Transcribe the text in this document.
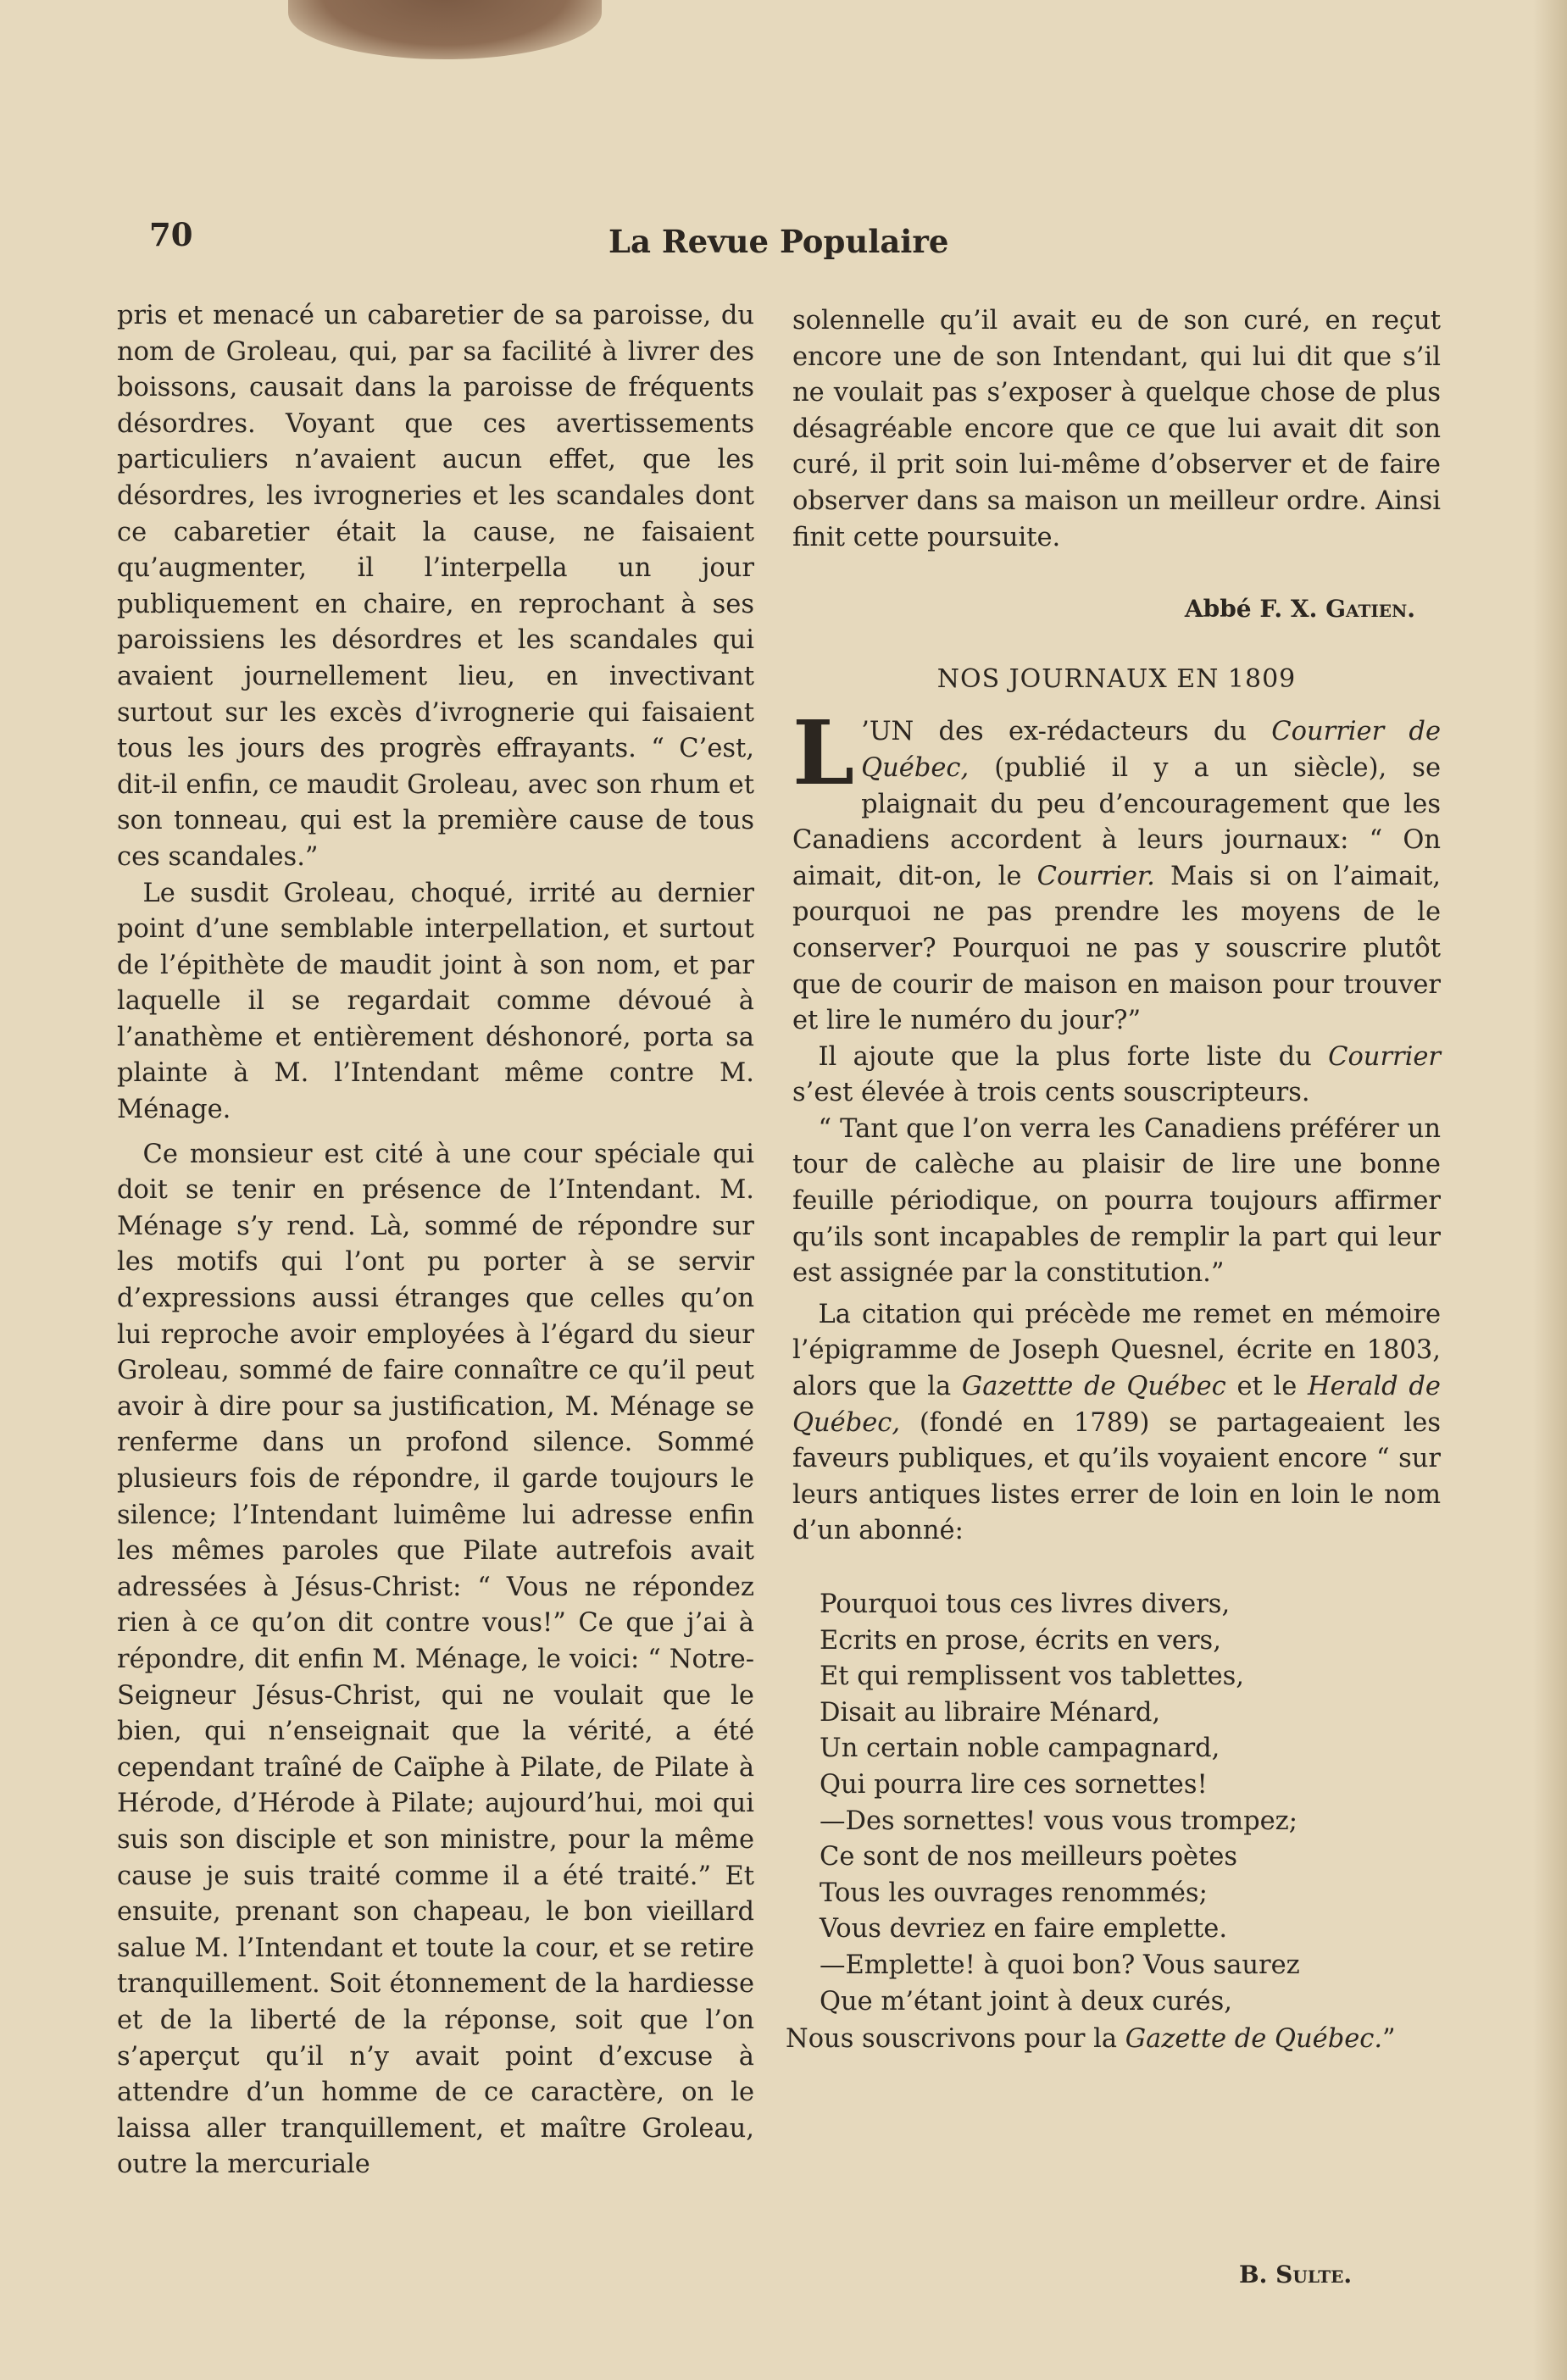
70	La Revue Populaire

pris et menacé un cabaretier de sa paroisse, du nom de Groleau, qui, par sa facilité à livrer des boissons, causait dans la paroisse de fréquents désordres. Voyant que ces avertissements particuliers n’avaient aucun effet, que les désordres, les ivrogneries et les scandales dont ce cabaretier était la cause, ne faisaient qu’augmenter, il l’interpella un jour publiquement en chaire, en reprochant à ses paroissiens les désordres et les scandales qui avaient journellement lieu, en invectivant surtout sur les excès d’ivrognerie qui faisaient tous les jours des progrès effrayants. “ C’est, dit-il enfin, ce maudit Groleau, avec son rhum et son tonneau, qui est la première cause de tous ces scandales.”

Le susdit Groleau, choqué, irrité au dernier point d’une semblable interpellation, et surtout de l’épithète de maudit joint à son nom, et par laquelle il se regardait comme dévoué à l’anathème et entièrement déshonoré, porta sa plainte à M. l’Intendant même contre M. Ménage.

Ce monsieur est cité à une cour spéciale qui doit se tenir en présence de l’Intendant. M. Ménage s’y rend. Là, sommé de répondre sur les motifs qui l’ont pu porter à se servir d’expressions aussi étranges que celles qu’on lui reproche avoir employées à l’égard du sieur Groleau, sommé de faire connaître ce qu’il peut avoir à dire pour sa justification, M. Ménage se renferme dans un profond silence. Sommé plusieurs fois de répondre, il garde toujours le silence; l’Intendant luimême lui adresse enfin les mêmes paroles que Pilate autrefois avait adressées à Jésus-Christ: “ Vous ne répondez rien à ce qu’on dit contre vous!” Ce que j’ai à répondre, dit enfin M. Ménage, le voici: “ Notre-Seigneur Jésus-Christ, qui ne voulait que le bien, qui n’enseignait que la vérité, a été cependant traîné de Caïphe à Pilate, de Pilate à Hérode, d’Hérode à Pilate; aujourd’hui, moi qui suis son disciple et son ministre, pour la même cause je suis traité comme il a été traité.” Et ensuite, prenant son chapeau, le bon vieillard salue M. l’Intendant et toute la cour, et se retire tranquillement. Soit étonnement de la hardiesse et de la liberté de la réponse, soit que l’on s’aperçut qu’il n’y avait point d’excuse à attendre d’un homme de ce caractère, on le laissa aller tranquillement, et maître Groleau, outre la mercuriale

solennelle qu’il avait eu de son curé, en reçut encore une de son Intendant, qui lui dit que s’il ne voulait pas s’exposer à quelque chose de plus désagréable encore que ce que lui avait dit son curé, il prit soin lui-même d’observer et de faire observer dans sa maison un meilleur ordre. Ainsi finit cette poursuite.

Abbé F. X. Gatien.
NOS JOURNAUX EN 1809

L ’UN des ex-rédacteurs du Courrier de Québec, (publié il y a un siècle), se plaignait du peu d’encouragement que les Canadiens accordent à leurs journaux: “ On aimait, dit-on, le Courrier. Mais si on l’aimait, pourquoi ne pas prendre les moyens de le conserver? Pourquoi ne pas y souscrire plutôt que de courir de maison en maison pour trouver et lire le numéro du jour?”

Il ajoute que la plus forte liste du Courrier s’est élevée à trois cents souscripteurs.

“ Tant que l’on verra les Canadiens préférer un tour de calèche au plaisir de lire une bonne feuille périodique, on pourra toujours affirmer qu’ils sont incapables de remplir la part qui leur est assignée par la constitution.”

La citation qui précède me remet en mémoire l’épigramme de Joseph Quesnel, écrite en 1803, alors que la Gazettte de Québec et le Herald de Québec, (fondé en 1789) se partageaient les faveurs publiques, et qu’ils voyaient encore “ sur leurs antiques listes errer de loin en loin le nom d’un abonné:

Pourquoi tous ces livres divers,
Ecrits en prose, écrits en vers,
Et qui remplissent vos tablettes,
Disait au libraire Ménard,
Un certain noble campagnard,
Qui pourra lire ces sornettes!
—Des sornettes! vous vous trompez;
Ce sont de nos meilleurs poètes
Tous les ouvrages renommés;
Vous devriez en faire emplette.
—Emplette! à quoi bon? Vous saurez
Que m’étant joint à deux curés,
Nous souscrivons pour la Gazette de Québec.”
B. Sulte.
